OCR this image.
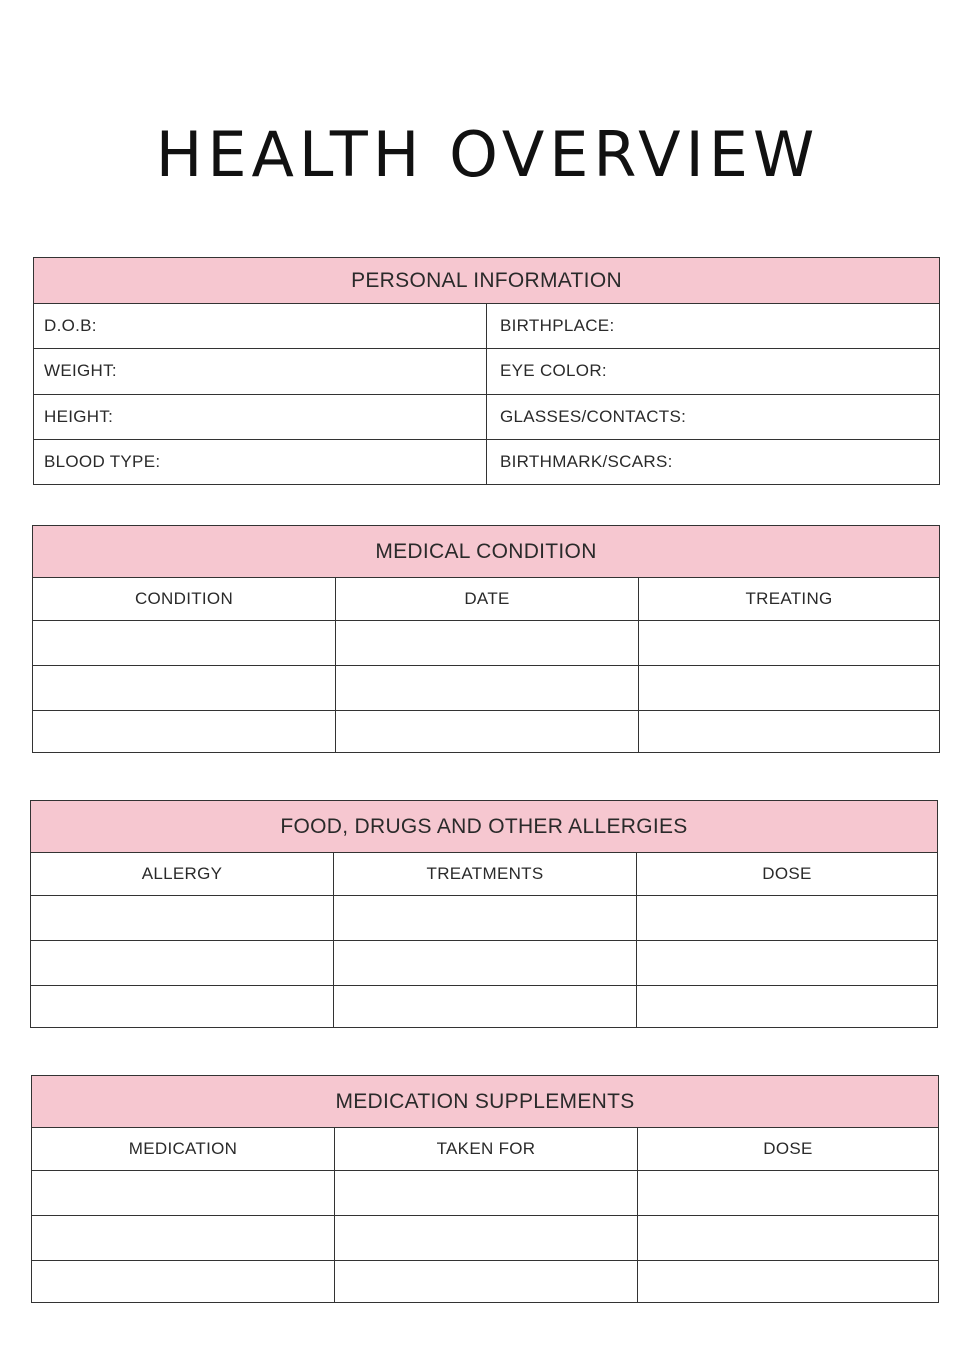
HEALTH OVERVIEW
PERSONAL INFORMATION
D.O.B:	BIRTHPLACE:
WEIGHT:	EYE COLOR:
HEIGHT:	GLASSES/CONTACTS:
BLOOD TYPE:	BIRTHMARK/SCARS:
MEDICAL CONDITION
CONDITION	DATE	TREATING
FOOD, DRUGS AND OTHER ALLERGIES
ALLERGY	TREATMENTS	DOSE
MEDICATION SUPPLEMENTS
MEDICATION	TAKEN FOR	DOSE
